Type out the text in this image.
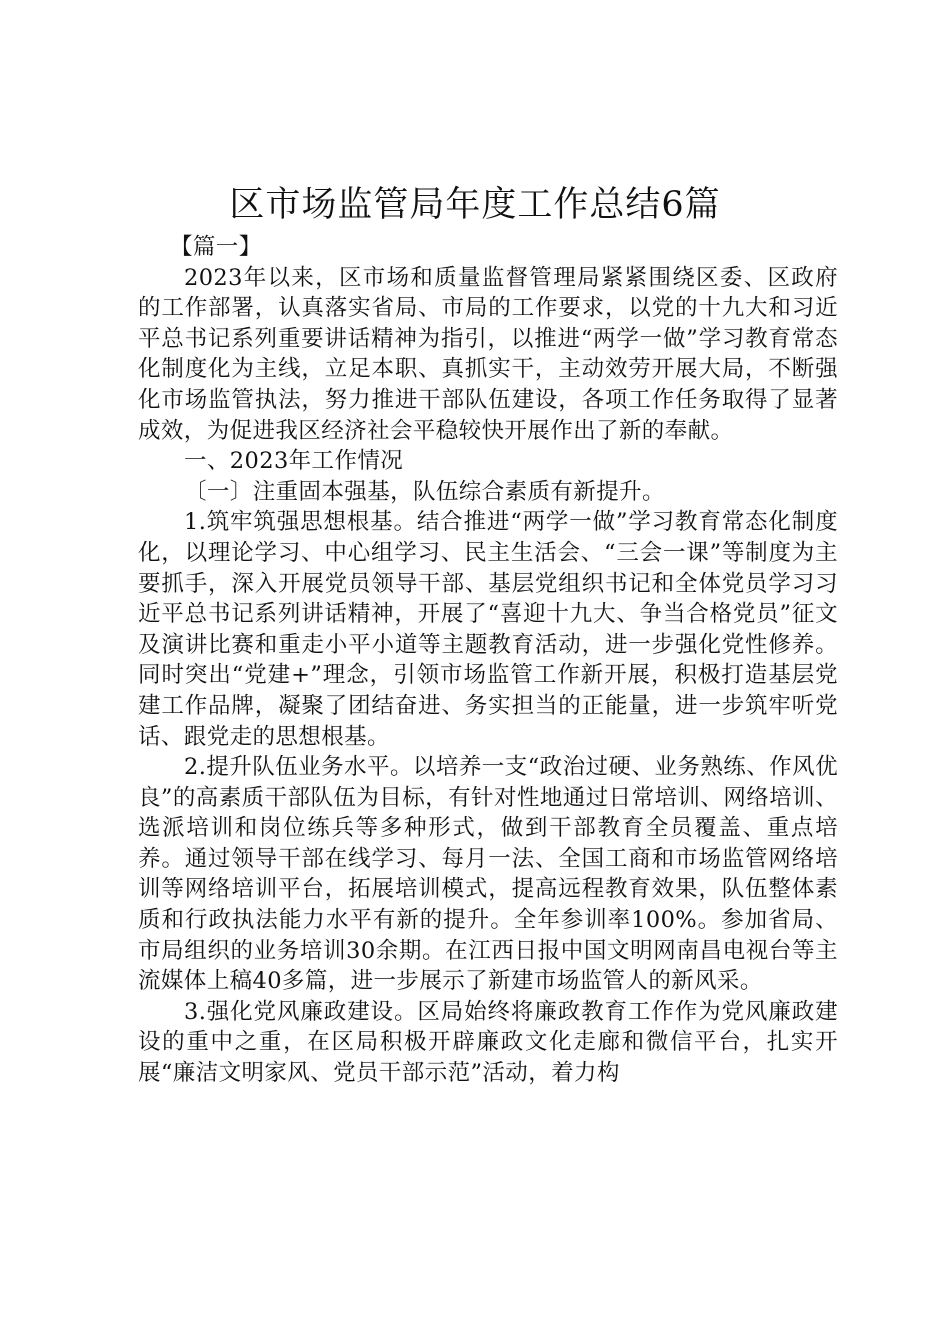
区市场监管局年度工作总结6篇

【篇一】

2023年以来，区市场和质量监督管理局紧紧围绕区委、区政府的工作部署，认真落实省局、市局的工作要求，以党的十九大和习近平总书记系列重要讲话精神为指引，以推进“两学一做”学习教育常态化制度化为主线，立足本职、真抓实干，主动效劳开展大局，不断强化市场监管执法，努力推进干部队伍建设，各项工作任务取得了显著成效，为促进我区经济社会平稳较快开展作出了新的奉献。

一、2023年工作情况

〔一〕注重固本强基，队伍综合素质有新提升。

1.筑牢筑强思想根基。结合推进“两学一做”学习教育常态化制度化，以理论学习、中心组学习、民主生活会、“三会一课”等制度为主要抓手，深入开展党员领导干部、基层党组织书记和全体党员学习习近平总书记系列讲话精神，开展了“喜迎十九大、争当合格党员”征文及演讲比赛和重走小平小道等主题教育活动，进一步强化党性修养。同时突出“党建+”理念，引领市场监管工作新开展，积极打造基层党建工作品牌，凝聚了团结奋进、务实担当的正能量，进一步筑牢听党话、跟党走的思想根基。

2.提升队伍业务水平。以培养一支“政治过硬、业务熟练、作风优良”的高素质干部队伍为目标，有针对性地通过日常培训、网络培训、选派培训和岗位练兵等多种形式，做到干部教育全员覆盖、重点培养。通过领导干部在线学习、每月一法、全国工商和市场监管网络培训等网络培训平台，拓展培训模式，提高远程教育效果，队伍整体素质和行政执法能力水平有新的提升。全年参训率100%。参加省局、市局组织的业务培训30余期。在江西日报中国文明网南昌电视台等主流媒体上稿40多篇，进一步展示了新建市场监管人的新风采。

3.强化党风廉政建设。区局始终将廉政教育工作作为党风廉政建设的重中之重，在区局积极开辟廉政文化走廊和微信平台，扎实开展“廉洁文明家风、党员干部示范”活动，着力构
